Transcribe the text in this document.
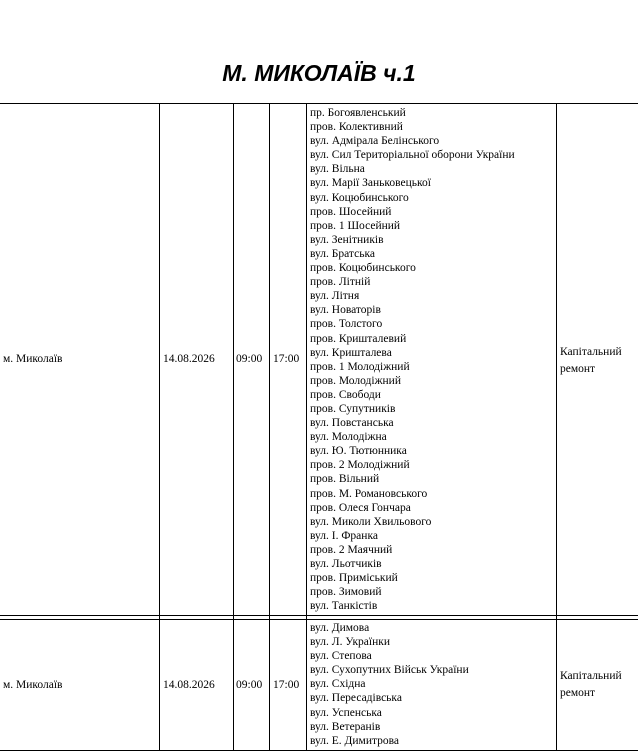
М. МИКОЛАЇВ ч.1
м. Миколаїв	14.08.2026 09:00 17:00
пр. Богоявленський
пров. Колективний
вул. Адмірала Белінського
вул. Сил Територіальної оборони України
вул. Вільна
вул. Марії Заньковецької
вул. Коцюбинського
пров. Шосейний
пров. 1 Шосейний
вул. Зенітників
вул. Братська
пров. Коцюбинського
пров. Літній
вул. Літня
вул. Новаторів
пров. Толстого
пров. Кришталевий
вул. Кришталева
пров. 1 Молодіжний
пров. Молодіжний
пров. Свободи
пров. Супутників
вул. Повстанська
вул. Молодіжна
вул. Ю. Тютюнника
пров. 2 Молодіжний
пров. Вільний
пров. М. Романовського
пров. Олеся Гончара
вул. Миколи Хвильового
вул. І. Франка
пров. 2 Маячний
вул. Льотчиків
пров. Приміський
пров. Зимовий
вул. Танкістів
Капітальний
ремонт
м. Миколаїв	14.08.2026 09:00 17:00
вул. Димова
вул. Л. Українки
вул. Степова
вул. Сухопутних Військ України
вул. Східна
вул. Пересадівська
вул. Успенська
вул. Ветеранів
вул. Е. Димитрова
Капітальний
ремонт
